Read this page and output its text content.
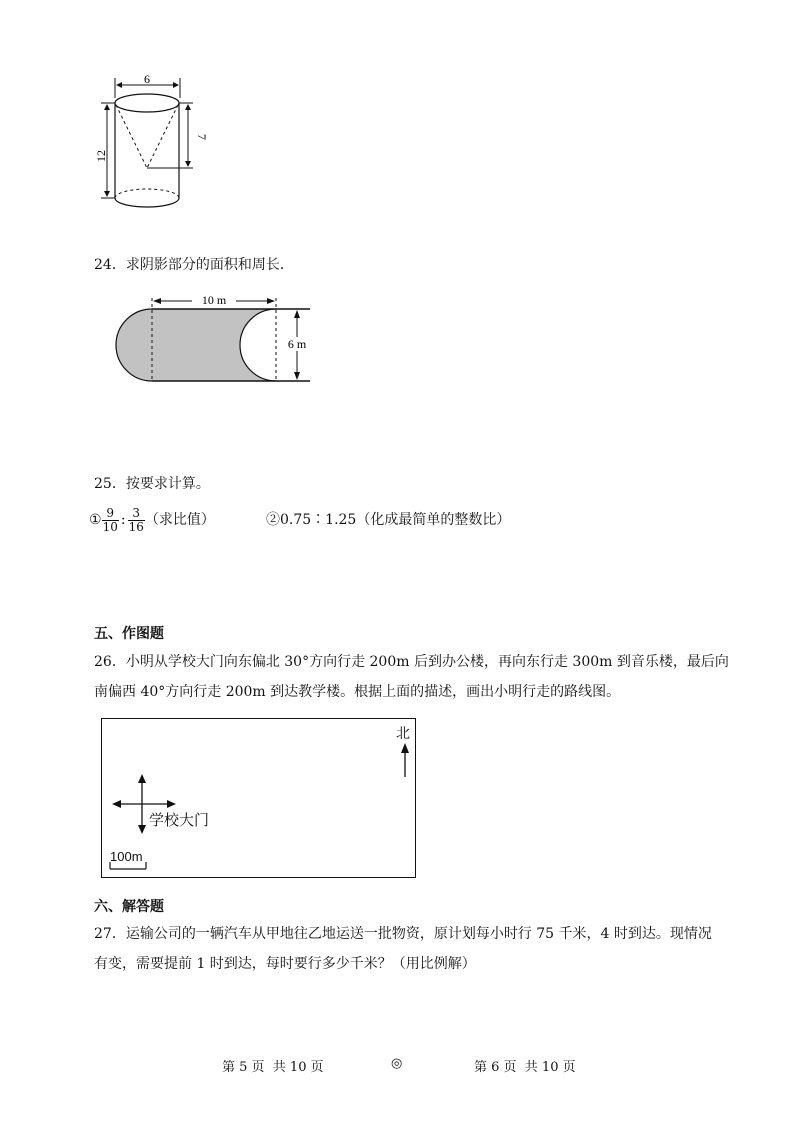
6
12
7
24．求阴影部分的面积和周长．
10 m
6 m
25．按要求计算。
① $\frac{9}{10}$ : $\frac{3}{16}$ （求比值）	②0.75∶1.25（化成最简单的整数比）
五、作图题
26．小明从学校大门向东偏北 30°方向行走 200m 后到办公楼，再向东行走 300m 到音乐楼，最后向
南偏西 40°方向行走 200m 到达教学楼。根据上面的描述，画出小明行走的路线图。
北
学校大门
100m
六、解答题
27．运输公司的一辆汽车从甲地往乙地运送一批物资，原计划每小时行 75 千米，4 时到达。现情况
有变，需要提前 1 时到达，每时要行多少千米？（用比例解）
第 5 页  共 10 页	◎	第 6 页  共 10 页
